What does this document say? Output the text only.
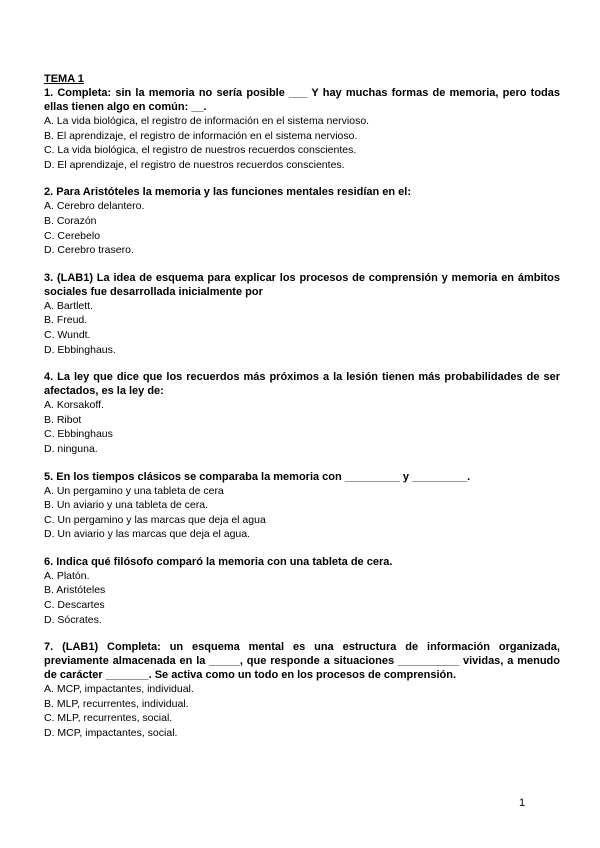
TEMA 1
1. Completa: sin la memoria no sería posible ___ Y hay muchas formas de memoria, pero todas ellas tienen algo en común: __.
A. La vida biológica, el registro de información en el sistema nervioso.
B. El aprendizaje, el registro de información en el sistema nervioso.
C. La vida biológica, el registro de nuestros recuerdos conscientes.
D. El aprendizaje, el registro de nuestros recuerdos conscientes.
2. Para Aristóteles la memoria y las funciones mentales residían en el:
A. Cerebro delantero.
B. Corazón
C. Cerebelo
D. Cerebro trasero.
3. (LAB1) La idea de esquema para explicar los procesos de comprensión y memoria en ámbitos sociales fue desarrollada inicialmente por
A. Bartlett.
B. Freud.
C. Wundt.
D. Ebbinghaus.
4. La ley que dice que los recuerdos más próximos a la lesión tienen más probabilidades de ser afectados, es la ley de:
A. Korsakoff.
B. Ribot
C. Ebbinghaus
D. ninguna.
5. En los tiempos clásicos se comparaba la memoria con _________ y _________.
A. Un pergamino y una tableta de cera
B. Un aviario y una tableta de cera.
C. Un pergamino y las marcas que deja el agua
D. Un aviario y las marcas que deja el agua.
6. Indica qué filósofo comparó la memoria con una tableta de cera.
A. Platón.
B. Aristóteles
C. Descartes
D. Sócrates.
7. (LAB1) Completa: un esquema mental es una estructura de información organizada, previamente almacenada en la _____, que responde a situaciones __________ vividas, a menudo de carácter _______. Se activa como un todo en los procesos de comprensión.
A. MCP, impactantes, individual.
B. MLP, recurrentes, individual.
C. MLP, recurrentes, social.
D. MCP, impactantes, social.
1
